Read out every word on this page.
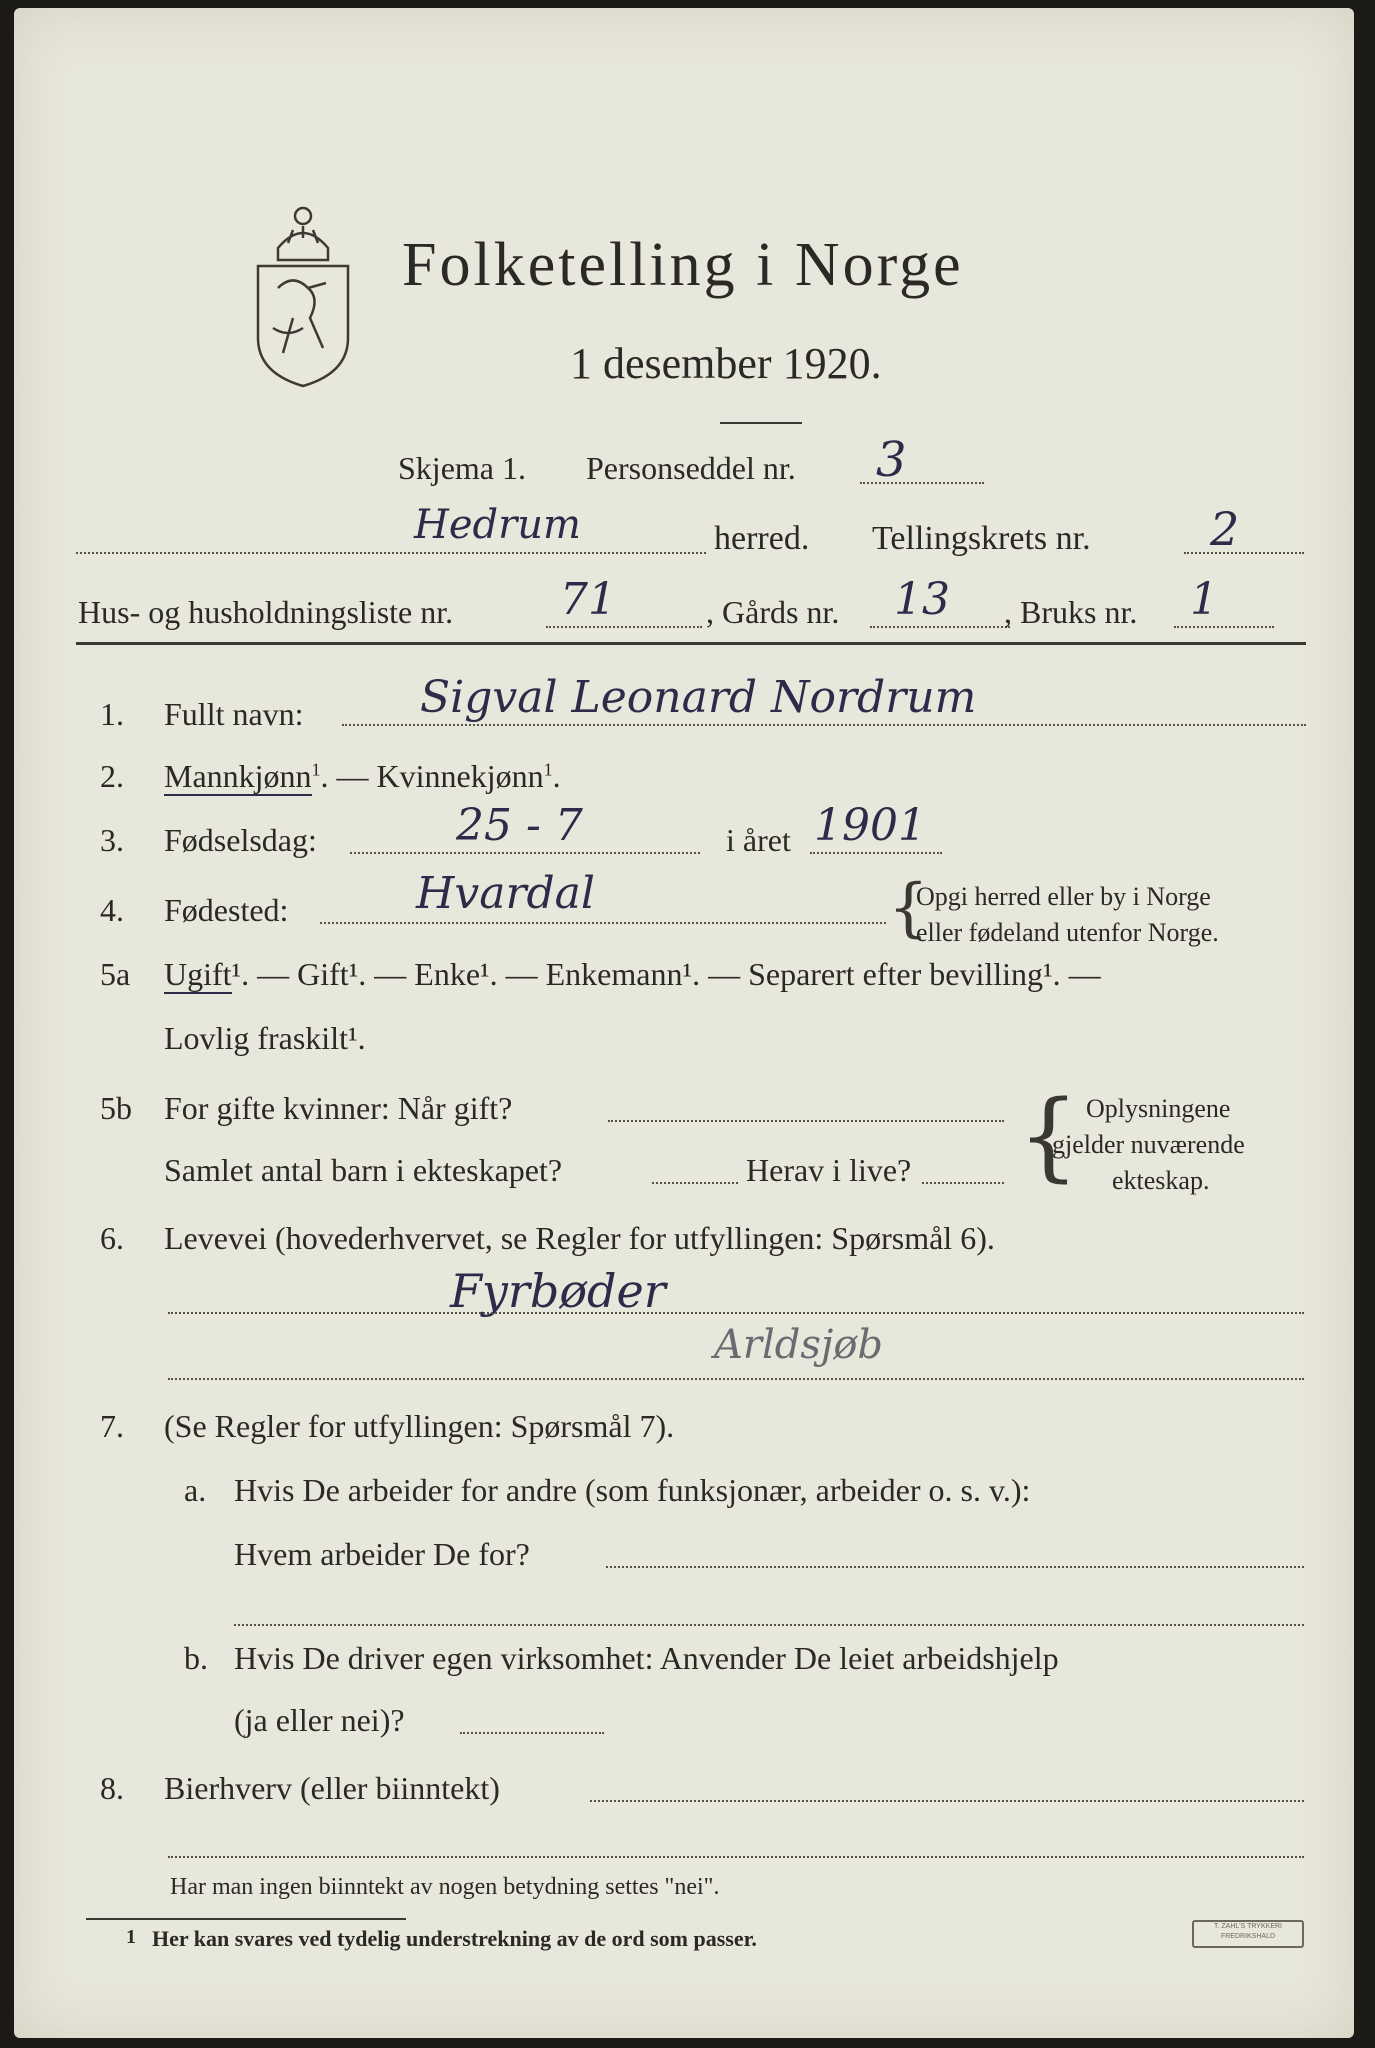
Folketelling i Norge
1 desember 1920.
Skjema 1. Personseddel nr. 3
Hedrum	herred. Tellingskrets nr.	2
Hus- og husholdningsliste nr. 71	, Gårds nr. 13 , Bruks nr. 1
1. Fullt navn:	Sigval Leonard Nordrum
2. Mannkjønn$^1$. — Kvinnekjønn$^1$.
3. Fødselsdag:	25 - 7	i året 1901
4. Fødested:	Hvardal	{
Opgi herred eller by i Norge
eller fødeland utenfor Norge.
5a Ugift¹. — Gift¹. — Enke¹. — Enkemann¹. — Separert efter bevilling¹. —
Lovlig fraskilt¹.
5b For gifte kvinner: Når gift?
Samlet antal barn i ekteskapet?	Herav i live? { Oplysningene
gjelder nuværende
ekteskap.
6. Levevei (hovederhvervet, se Regler for utfyllingen: Spørsmål 6).
Fyrbøder
Arldsjøb
7. (Se Regler for utfyllingen: Spørsmål 7).
a. Hvis De arbeider for andre (som funksjonær, arbeider o. s. v.):
Hvem arbeider De for?
b. Hvis De driver egen virksomhet: Anvender De leiet arbeidshjelp
(ja eller nei)?
8. Bierhverv (eller biinntekt)
Har man ingen biinntekt av nogen betydning settes "nei".
1 Her kan svares ved tydelig understrekning av de ord som passer.	T. ZAHL'S TRYKKERI
FREDRIKSHALD
